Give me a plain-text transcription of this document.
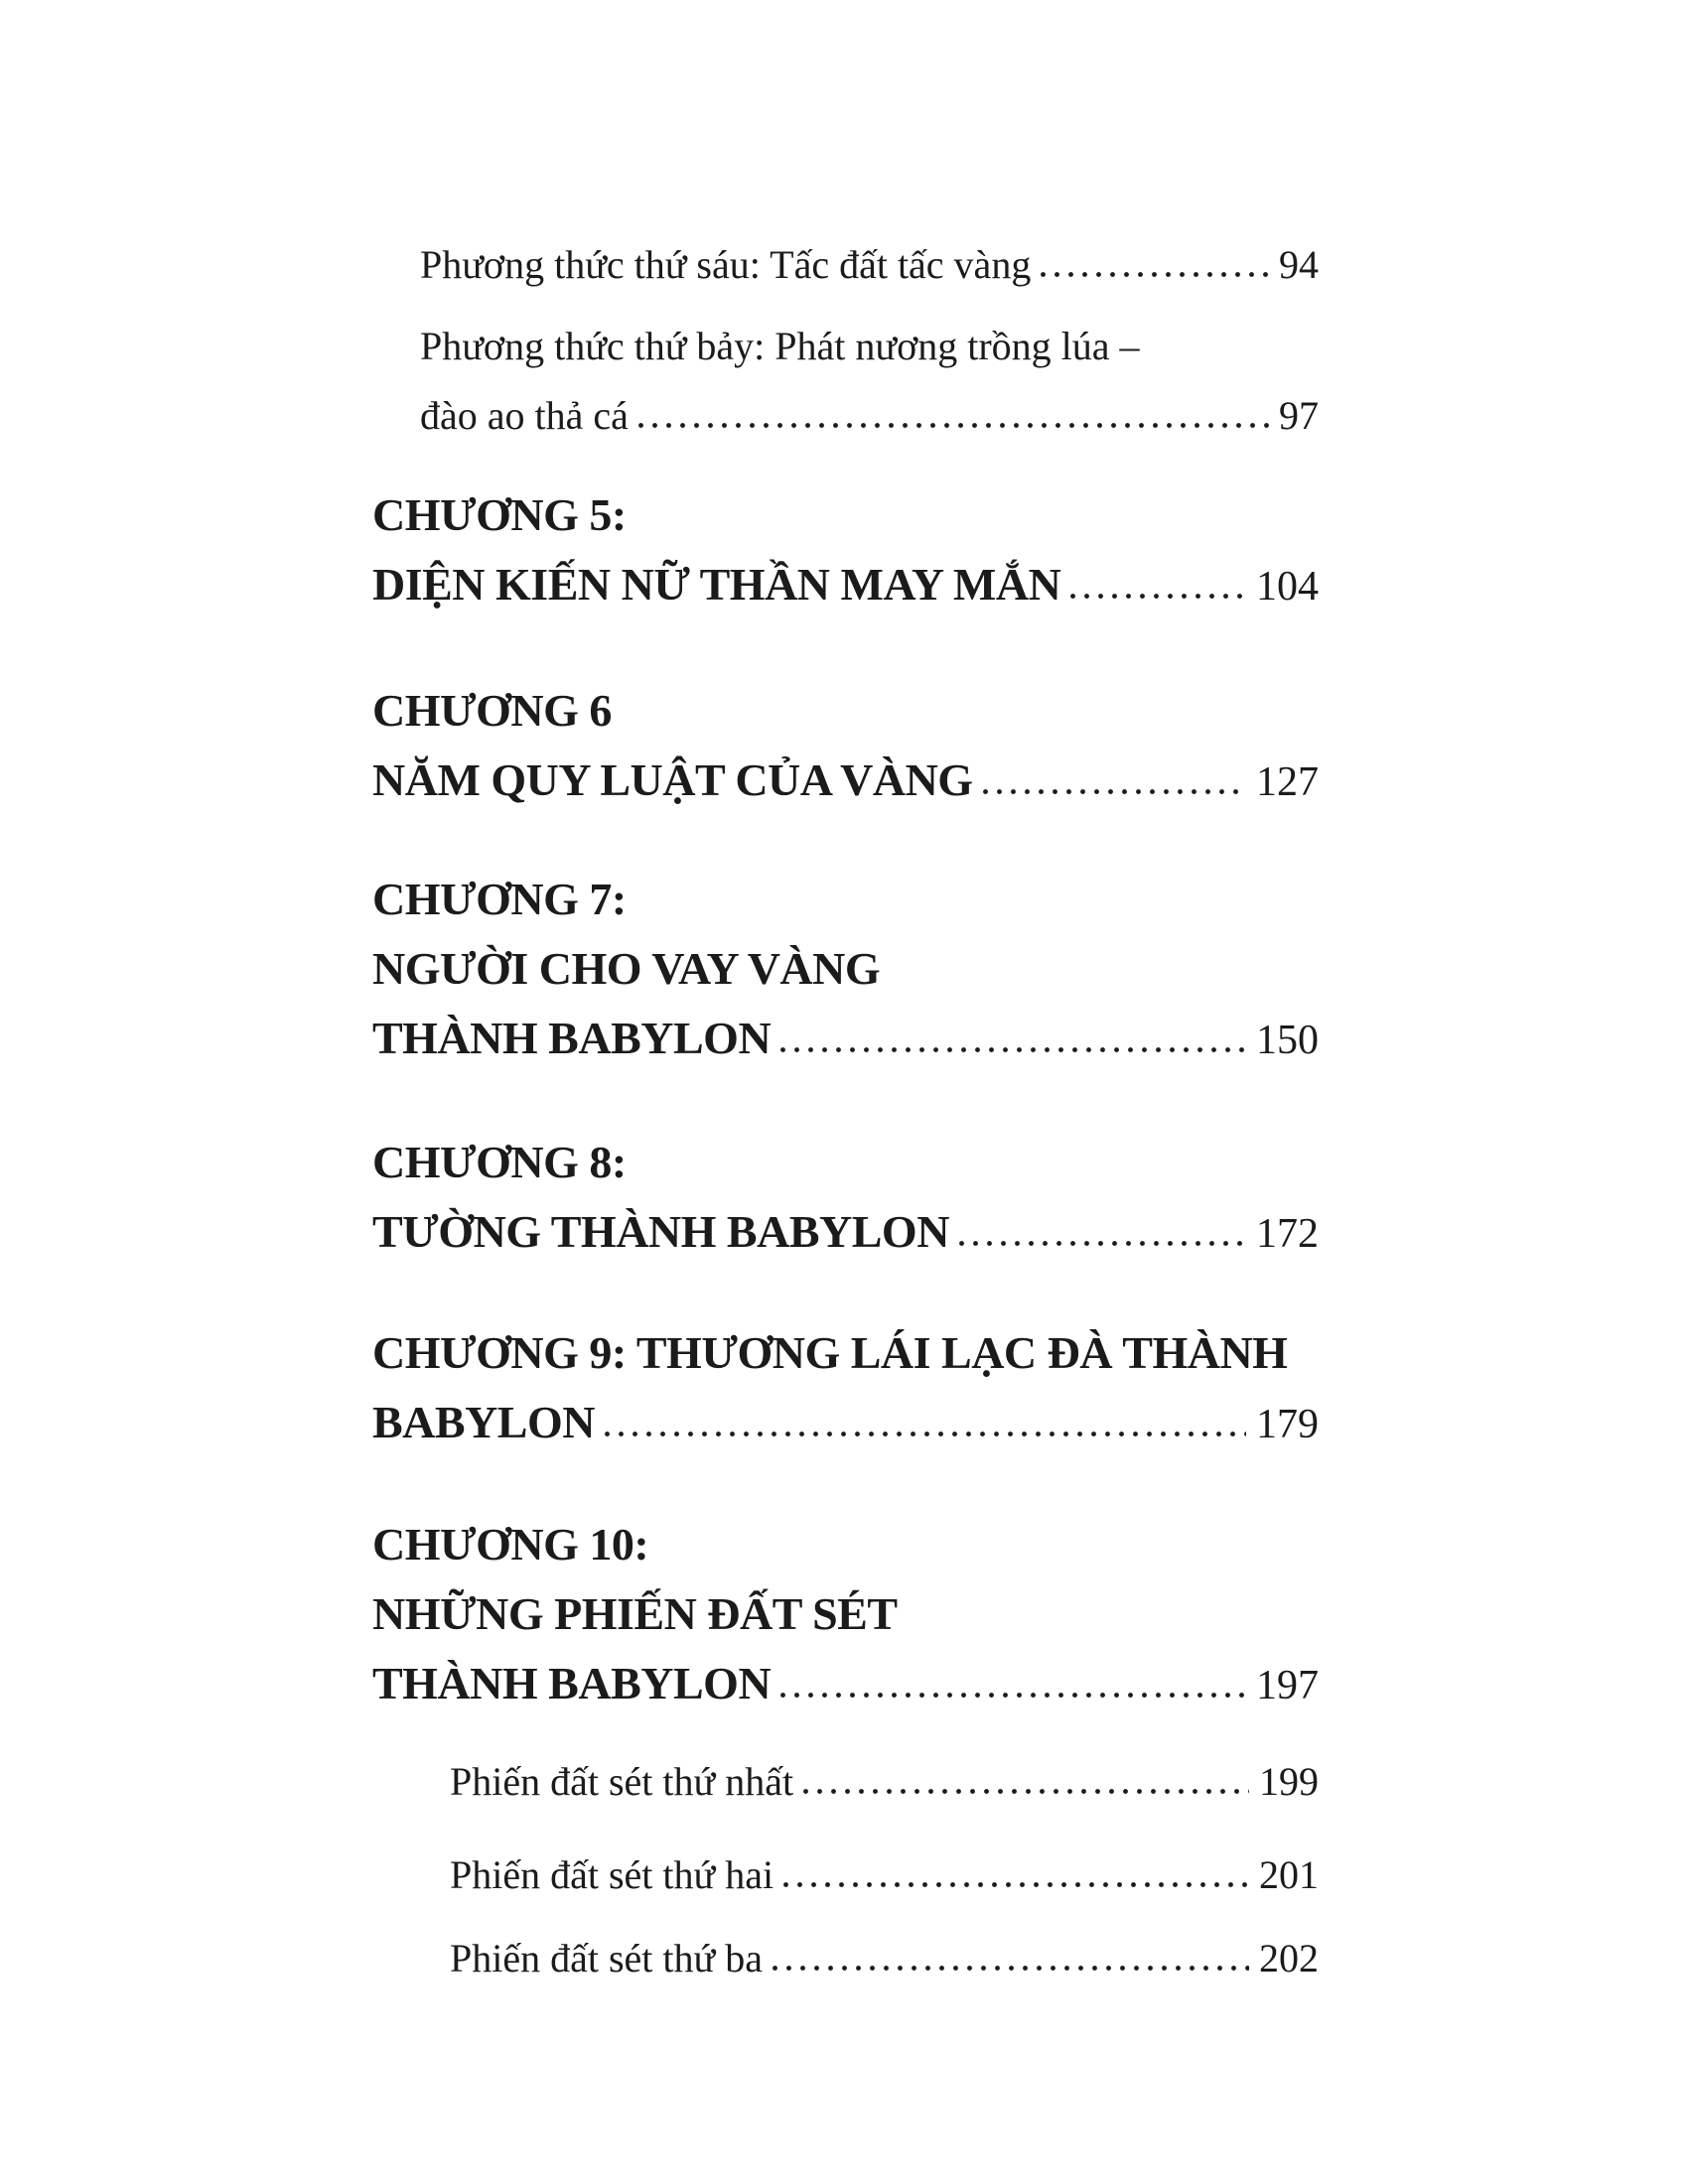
Phương thức thứ sáu: Tấc đất tấc vàng	94
Phương thức thứ bảy: Phát nương trồng lúa –
đào ao thả cá	97
CHƯƠNG 5:
DIỆN KIẾN NỮ THẦN MAY MẮN	104
CHƯƠNG 6
NĂM QUY LUẬT CỦA VÀNG	127
CHƯƠNG 7:
NGƯỜI CHO VAY VÀNG
THÀNH BABYLON	150
CHƯƠNG 8:
TƯỜNG THÀNH BABYLON	172
CHƯƠNG 9: THƯƠNG LÁI LẠC ĐÀ THÀNH
BABYLON	179
CHƯƠNG 10:
NHỮNG PHIẾN ĐẤT SÉT
THÀNH BABYLON	197
Phiến đất sét thứ nhất	199
Phiến đất sét thứ hai	201
Phiến đất sét thứ ba	202
